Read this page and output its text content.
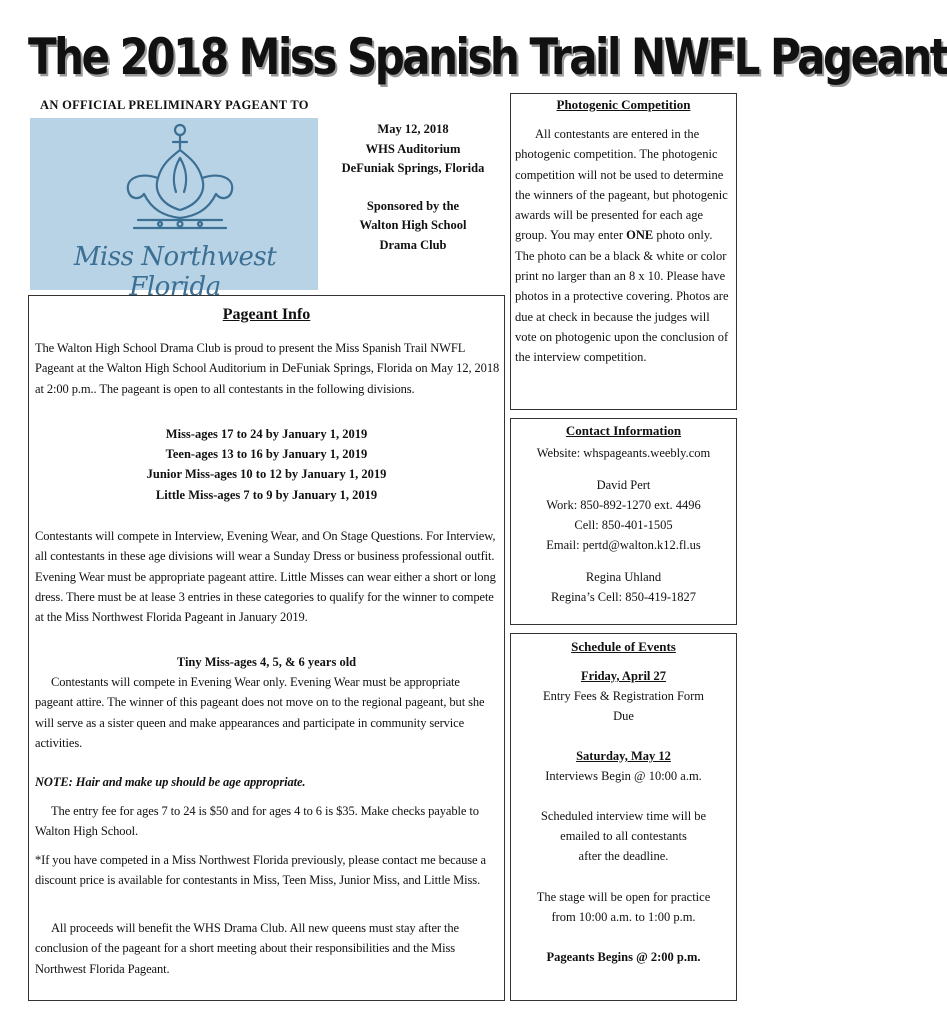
The 2018 Miss Spanish Trail NWFL Pageant
AN OFFICIAL PRELIMINARY PAGEANT TO
Miss Northwest Florida
May 12, 2018
WHS Auditorium
DeFuniak Springs, Florida
Sponsored by the
Walton High School
Drama Club
Pageant Info
The Walton High School Drama Club is proud to present the Miss Spanish Trail NWFL Pageant at the Walton High School Auditorium in DeFuniak Springs, Florida on May 12, 2018 at 2:00 p.m.. The pageant is open to all contestants in the following divisions.
Miss-ages 17 to 24 by January 1, 2019
Teen-ages 13 to 16 by January 1, 2019
Junior Miss-ages 10 to 12 by January 1, 2019
Little Miss-ages 7 to 9 by January 1, 2019
Contestants will compete in Interview, Evening Wear, and On Stage Questions. For Interview, all contestants in these age divisions will wear a Sunday Dress or business professional outfit. Evening Wear must be appropriate pageant attire. Little Misses can wear either a short or long dress. There must be at lease 3 entries in these categories to qualify for the winner to compete at the Miss Northwest Florida Pageant in January 2019.
Tiny Miss-ages 4, 5, & 6 years old
Contestants will compete in Evening Wear only. Evening Wear must be appropriate pageant attire. The winner of this pageant does not move on to the regional pageant, but she will serve as a sister queen and make appearances and participate in community service activities.
NOTE: Hair and make up should be age appropriate.
The entry fee for ages 7 to 24 is $50 and for ages 4 to 6 is $35. Make checks payable to Walton High School.
*If you have competed in a Miss Northwest Florida previously, please contact me because a discount price is available for contestants in Miss, Teen Miss, Junior Miss, and Little Miss.
All proceeds will benefit the WHS Drama Club. All new queens must stay after the conclusion of the pageant for a short meeting about their responsibilities and the Miss Northwest Florida Pageant.
Photogenic Competition
All contestants are entered in the photogenic competition. The photogenic competition will not be used to determine the winners of the pageant, but photogenic awards will be presented for each age group. You may enter ONE photo only. The photo can be a black & white or color print no larger than an 8 x 10. Please have photos in a protective covering. Photos are due at check in because the judges will vote on photogenic upon the conclusion of the interview competition.
Contact Information
Website: whspageants.weebly.com
David Pert
Work: 850-892-1270 ext. 4496
Cell: 850-401-1505
Email: pertd@walton.k12.fl.us
Regina Uhland
Regina’s Cell: 850-419-1827
Schedule of Events
Friday, April 27
Entry Fees & Registration Form
Due
Saturday, May 12
Interviews Begin @ 10:00 a.m.
Scheduled interview time will be
emailed to all contestants
after the deadline.
The stage will be open for practice
from 10:00 a.m. to 1:00 p.m.
Pageants Begins @ 2:00 p.m.
